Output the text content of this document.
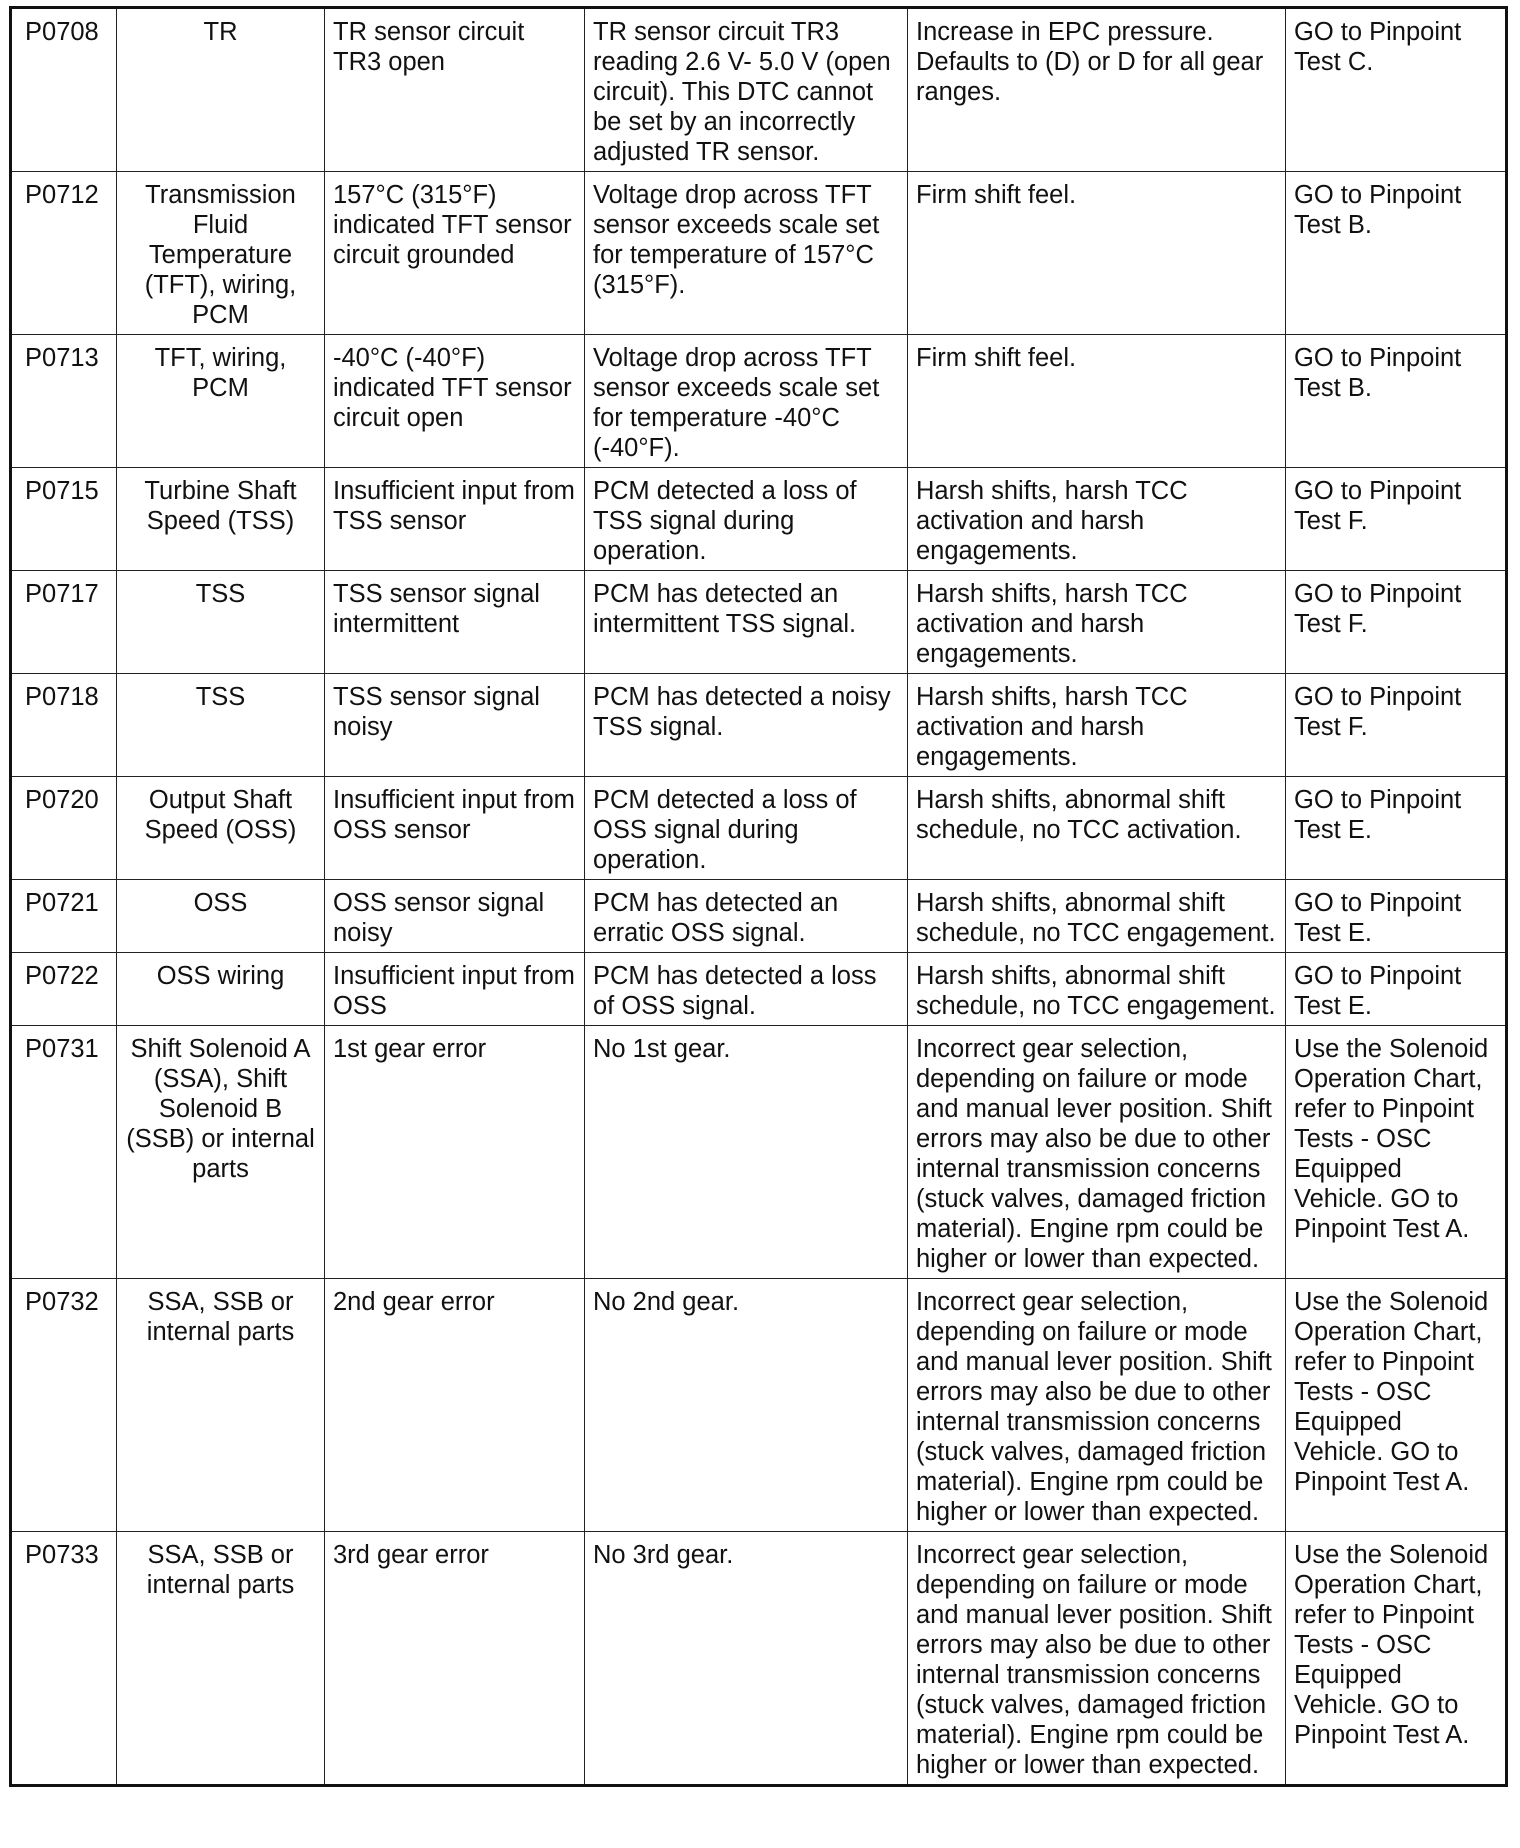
P0708	TR	TR sensor circuit TR3 open	TR sensor circuit TR3 reading 2.6 V- 5.0 V (open circuit). This DTC cannot be set by an incorrectly adjusted TR sensor.	Increase in EPC pressure. Defaults to (D) or D for all gear ranges.	GO to Pinpoint Test C.
P0712	Transmission Fluid Temperature (TFT), wiring, PCM	157°C (315°F) indicated TFT sensor circuit grounded	Voltage drop across TFT sensor exceeds scale set for temperature of 157°C (315°F).	Firm shift feel.	GO to Pinpoint Test B.
P0713	TFT, wiring, PCM	-40°C (-40°F) indicated TFT sensor circuit open	Voltage drop across TFT sensor exceeds scale set for temperature -40°C (-40°F).	Firm shift feel.	GO to Pinpoint Test B.
P0715	Turbine Shaft Speed (TSS)	Insufficient input from TSS sensor	PCM detected a loss of TSS signal during operation.	Harsh shifts, harsh TCC activation and harsh engagements.	GO to Pinpoint Test F.
P0717	TSS	TSS sensor signal intermittent	PCM has detected an intermittent TSS signal.	Harsh shifts, harsh TCC activation and harsh engagements.	GO to Pinpoint Test F.
P0718	TSS	TSS sensor signal noisy	PCM has detected a noisy TSS signal.	Harsh shifts, harsh TCC activation and harsh engagements.	GO to Pinpoint Test F.
P0720	Output Shaft Speed (OSS)	Insufficient input from OSS sensor	PCM detected a loss of OSS signal during operation.	Harsh shifts, abnormal shift schedule, no TCC activation.	GO to Pinpoint Test E.
P0721	OSS	OSS sensor signal noisy	PCM has detected an erratic OSS signal.	Harsh shifts, abnormal shift schedule, no TCC engagement.	GO to Pinpoint Test E.
P0722	OSS wiring	Insufficient input from OSS	PCM has detected a loss of OSS signal.	Harsh shifts, abnormal shift schedule, no TCC engagement.	GO to Pinpoint Test E.
P0731	Shift Solenoid A (SSA), Shift Solenoid B (SSB) or internal parts	1st gear error	No 1st gear.	Incorrect gear selection, depending on failure or mode and manual lever position. Shift errors may also be due to other internal transmission concerns (stuck valves, damaged friction material). Engine rpm could be higher or lower than expected.	Use the Solenoid Operation Chart, refer to Pinpoint Tests - OSC Equipped Vehicle. GO to Pinpoint Test A.
P0732	SSA, SSB or internal parts	2nd gear error	No 2nd gear.	Incorrect gear selection, depending on failure or mode and manual lever position. Shift errors may also be due to other internal transmission concerns (stuck valves, damaged friction material). Engine rpm could be higher or lower than expected.	Use the Solenoid Operation Chart, refer to Pinpoint Tests - OSC Equipped Vehicle. GO to Pinpoint Test A.
P0733	SSA, SSB or internal parts	3rd gear error	No 3rd gear.	Incorrect gear selection, depending on failure or mode and manual lever position. Shift errors may also be due to other internal transmission concerns (stuck valves, damaged friction material). Engine rpm could be higher or lower than expected.	Use the Solenoid Operation Chart, refer to Pinpoint Tests - OSC Equipped Vehicle. GO to Pinpoint Test A.
